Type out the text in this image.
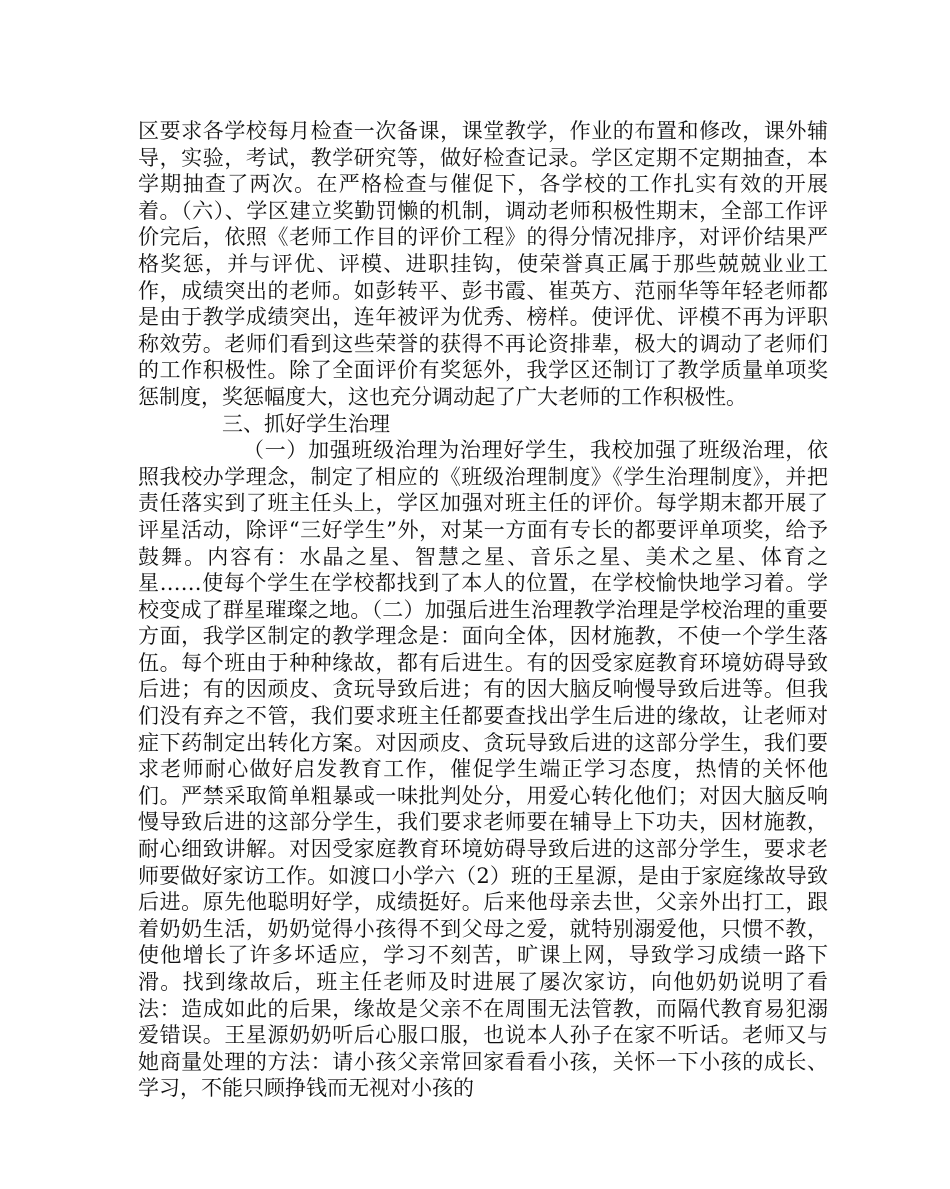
区要求各学校每月检查一次备课，课堂教学，作业的布置和修改，课外辅导，实验，考试，教学研究等，做好检查记录。学区定期不定期抽查，本学期抽查了两次。在严格检查与催促下，各学校的工作扎实有效的开展着。（六）、学区建立奖勤罚懒的机制，调动老师积极性期末，全部工作评价完后，依照《老师工作目的评价工程》的得分情况排序，对评价结果严格奖惩，并与评优、评模、进职挂钩，使荣誉真正属于那些兢兢业业工作，成绩突出的老师。如彭转平、彭书霞、崔英方、范丽华等年轻老师都是由于教学成绩突出，连年被评为优秀、榜样。使评优、评模不再为评职称效劳。老师们看到这些荣誉的获得不再论资排辈，极大的调动了老师们的工作积极性。除了全面评价有奖惩外，我学区还制订了教学质量单项奖惩制度，奖惩幅度大，这也充分调动起了广大老师的工作积极性。

三、抓好学生治理

（一）加强班级治理为治理好学生，我校加强了班级治理，依照我校办学理念，制定了相应的《班级治理制度》《学生治理制度》，并把责任落实到了班主任头上，学区加强对班主任的评价。每学期末都开展了评星活动，除评“三好学生”外，对某一方面有专长的都要评单项奖，给予鼓舞。内容有：水晶之星、智慧之星、音乐之星、美术之星、体育之星……使每个学生在学校都找到了本人的位置，在学校愉快地学习着。学校变成了群星璀璨之地。（二）加强后进生治理教学治理是学校治理的重要方面，我学区制定的教学理念是：面向全体，因材施教，不使一个学生落伍。每个班由于种种缘故，都有后进生。有的因受家庭教育环境妨碍导致后进；有的因顽皮、贪玩导致后进；有的因大脑反响慢导致后进等。但我们没有弃之不管，我们要求班主任都要查找出学生后进的缘故，让老师对症下药制定出转化方案。对因顽皮、贪玩导致后进的这部分学生，我们要求老师耐心做好启发教育工作，催促学生端正学习态度，热情的关怀他们。严禁采取简单粗暴或一味批判处分，用爱心转化他们；对因大脑反响慢导致后进的这部分学生，我们要求老师要在辅导上下功夫，因材施教，耐心细致讲解。对因受家庭教育环境妨碍导致后进的这部分学生，要求老师要做好家访工作。如渡口小学六（2）班的王星源，是由于家庭缘故导致后进。原先他聪明好学，成绩挺好。后来他母亲去世，父亲外出打工，跟着奶奶生活，奶奶觉得小孩得不到父母之爱，就特别溺爱他，只惯不教，使他增长了许多坏适应，学习不刻苦，旷课上网，导致学习成绩一路下滑。找到缘故后，班主任老师及时进展了屡次家访，向他奶奶说明了看法：造成如此的后果，缘故是父亲不在周围无法管教，而隔代教育易犯溺爱错误。王星源奶奶听后心服口服，也说本人孙子在家不听话。老师又与她商量处理的方法：请小孩父亲常回家看看小孩，关怀一下小孩的成长、学习，不能只顾挣钱而无视对小孩的
